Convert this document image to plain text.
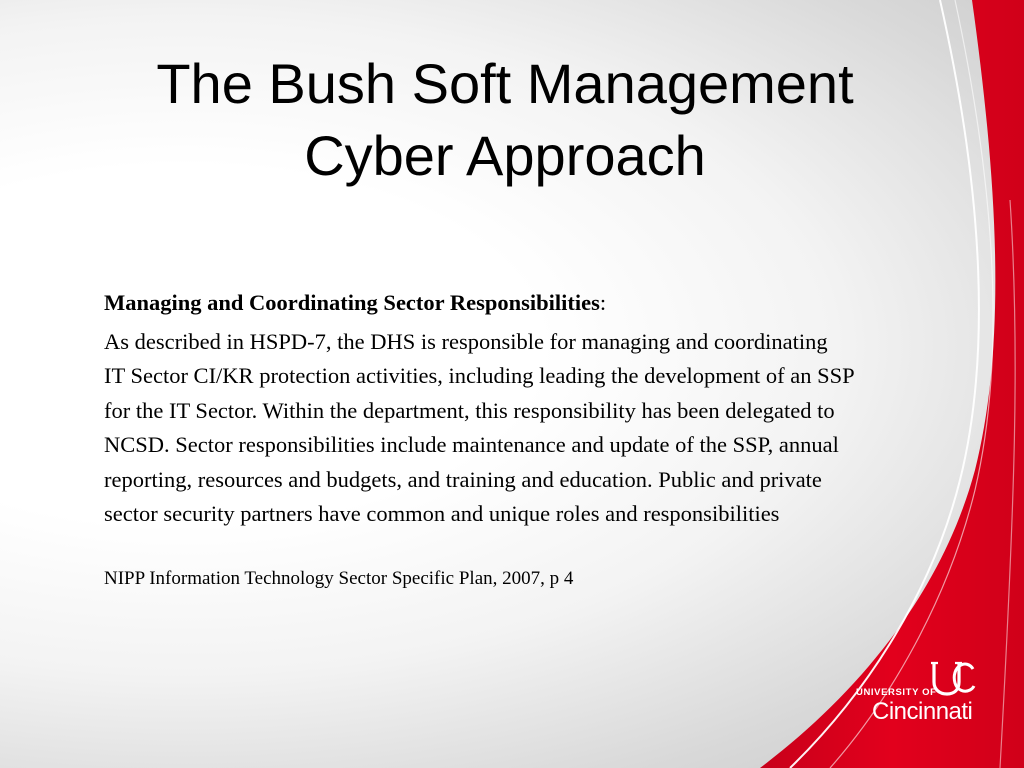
The Bush Soft Management
Cyber Approach

Managing and Coordinating Sector Responsibilities:

As described in HSPD-7, the DHS is responsible for managing and coordinating IT Sector CI/KR protection activities, including leading the development of an SSP for the IT Sector. Within the department, this responsibility has been delegated to NCSD. Sector responsibilities include maintenance and update of the SSP, annual reporting, resources and budgets, and training and education. Public and private sector security partners have common and unique roles and responsibilities

NIPP Information Technology Sector Specific Plan, 2007, p 4

UNIVERSITY OF
Cincinnati
